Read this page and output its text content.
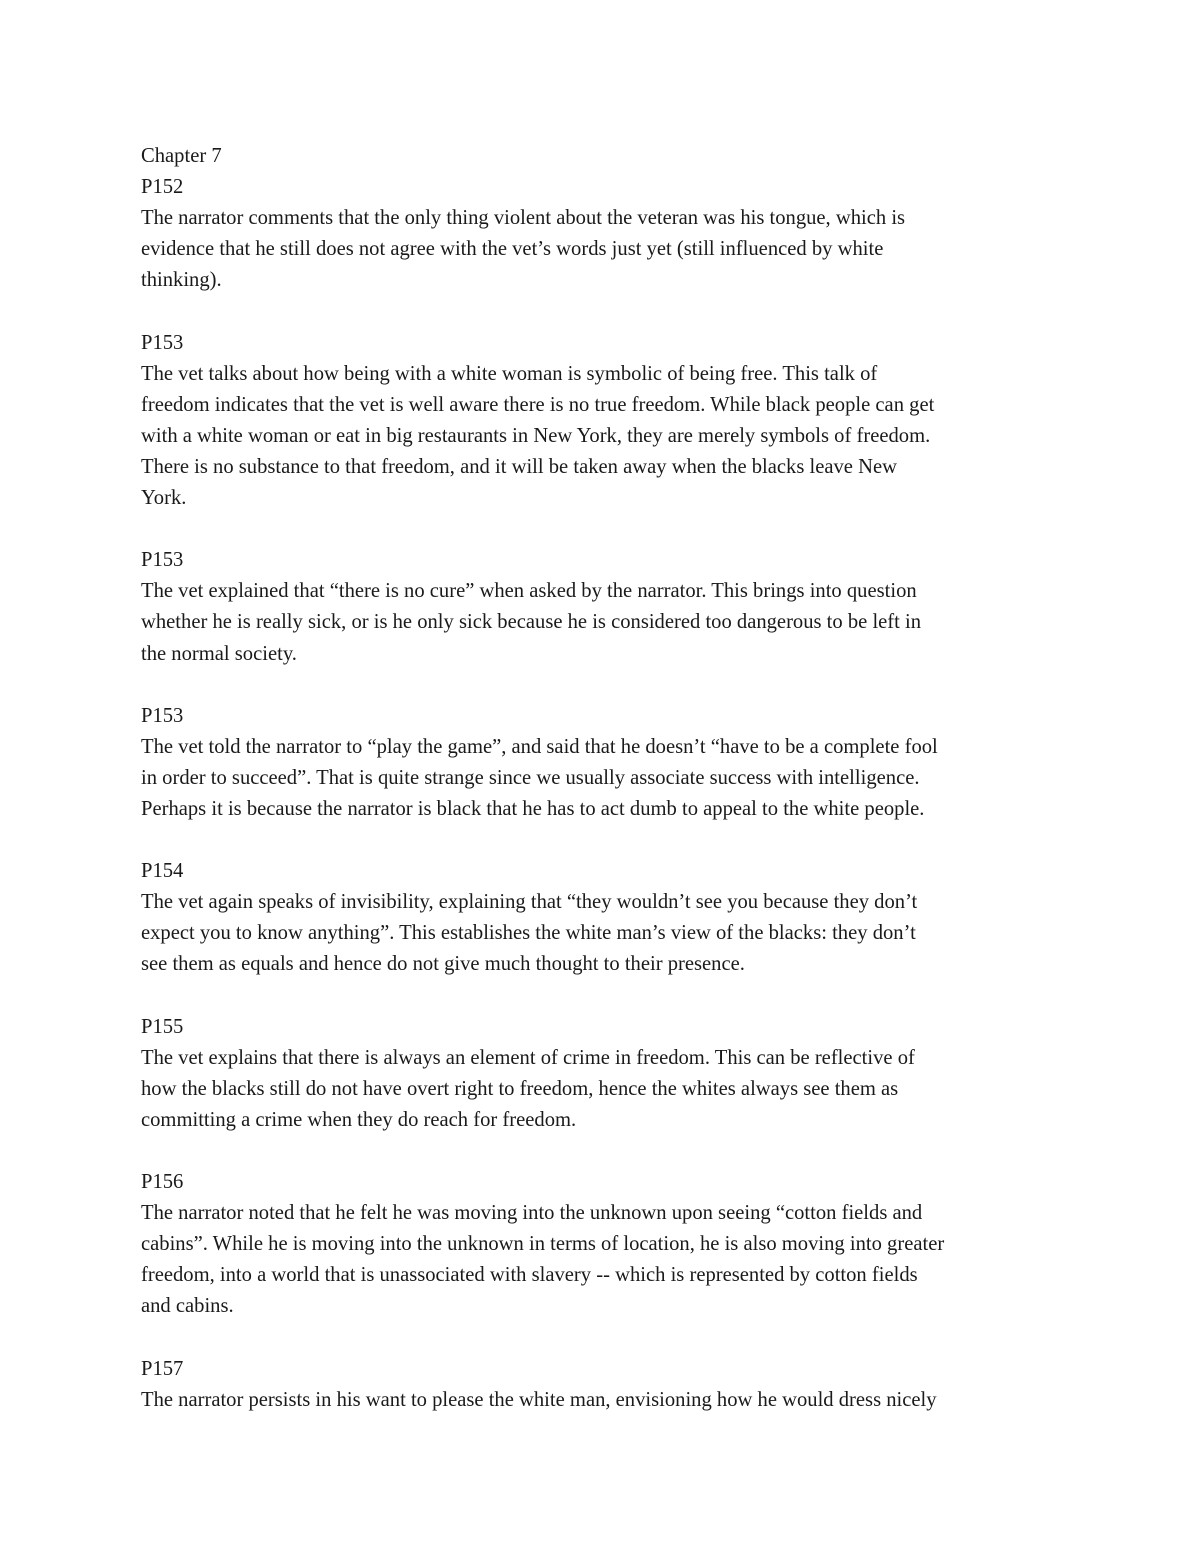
Chapter 7

P152

The narrator comments that the only thing violent about the veteran was his tongue, which is
evidence that he still does not agree with the vet’s words just yet (still influenced by white
thinking).

P153

The vet talks about how being with a white woman is symbolic of being free. This talk of
freedom indicates that the vet is well aware there is no true freedom. While black people can get
with a white woman or eat in big restaurants in New York, they are merely symbols of freedom.
There is no substance to that freedom, and it will be taken away when the blacks leave New
York.

P153

The vet explained that “there is no cure” when asked by the narrator. This brings into question
whether he is really sick, or is he only sick because he is considered too dangerous to be left in
the normal society.

P153

The vet told the narrator to “play the game”, and said that he doesn’t “have to be a complete fool
in order to succeed”. That is quite strange since we usually associate success with intelligence.
Perhaps it is because the narrator is black that he has to act dumb to appeal to the white people.

P154

The vet again speaks of invisibility, explaining that “they wouldn’t see you because they don’t
expect you to know anything”. This establishes the white man’s view of the blacks: they don’t
see them as equals and hence do not give much thought to their presence.

P155

The vet explains that there is always an element of crime in freedom. This can be reflective of
how the blacks still do not have overt right to freedom, hence the whites always see them as
committing a crime when they do reach for freedom.

P156

The narrator noted that he felt he was moving into the unknown upon seeing “cotton fields and
cabins”. While he is moving into the unknown in terms of location, he is also moving into greater
freedom, into a world that is unassociated with slavery -- which is represented by cotton fields
and cabins.

P157

The narrator persists in his want to please the white man, envisioning how he would dress nicely
